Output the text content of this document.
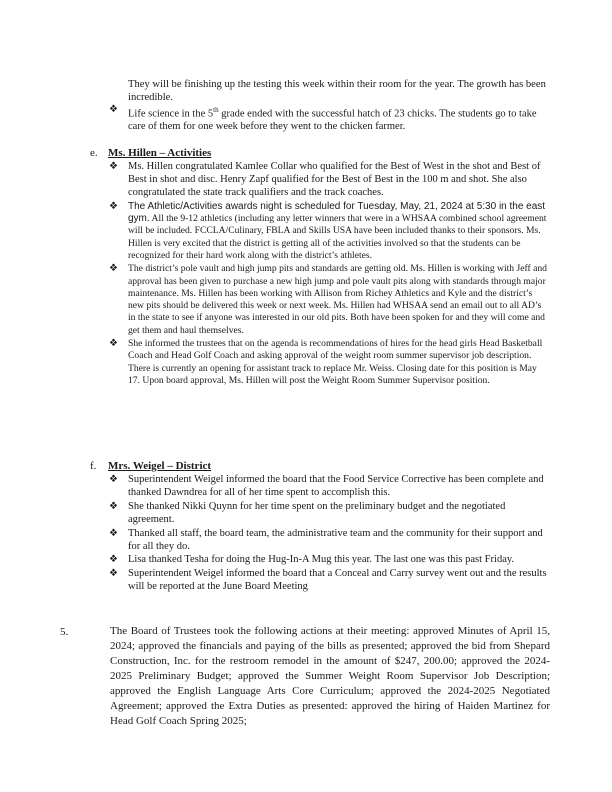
They will be finishing up the testing this week within their room for the year. The growth has been incredible.
❖ Life science in the 5th grade ended with the successful hatch of 23 chicks. The students go to take care of them for one week before they went to the chicken farmer.
e. Ms. Hillen – Activities
❖ Ms. Hillen congratulated Kamlee Collar who qualified for the Best of West in the shot and Best of Best in shot and disc. Henry Zapf qualified for the Best of Best in the 100 m and shot. She also congratulated the state track qualifiers and the track coaches.
❖ The Athletic/Activities awards night is scheduled for Tuesday, May, 21, 2024 at 5:30 in the east gym. All the 9-12 athletics (including any letter winners that were in a WHSAA combined school agreement will be included. FCCLA/Culinary, FBLA and Skills USA have been included thanks to their sponsors. Ms. Hillen is very excited that the district is getting all of the activities involved so that the students can be recognized for their hard work along with the district’s athletes.
❖ The district’s pole vault and high jump pits and standards are getting old. Ms. Hillen is working with Jeff and approval has been given to purchase a new high jump and pole vault pits along with standards through major maintenance. Ms. Hillen has been working with Allison from Richey Athletics and Kyle and the district’s new pits should be delivered this week or next week. Ms. Hillen had WHSAA send an email out to all AD’s in the state to see if anyone was interested in our old pits. Both have been spoken for and they will come and get them and haul themselves.
❖ She informed the trustees that on the agenda is recommendations of hires for the head girls Head Basketball Coach and Head Golf Coach and asking approval of the weight room summer supervisor job description. There is currently an opening for assistant track to replace Mr. Weiss. Closing date for this position is May 17. Upon board approval, Ms. Hillen will post the Weight Room Summer Supervisor position.
f. Mrs. Weigel – District
❖ Superintendent Weigel informed the board that the Food Service Corrective has been complete and thanked Dawndrea for all of her time spent to accomplish this.
❖ She thanked Nikki Quynn for her time spent on the preliminary budget and the negotiated agreement.
❖ Thanked all staff, the board team, the administrative team and the community for their support and for all they do.
❖ Lisa thanked Tesha for doing the Hug-In-A Mug this year. The last one was this past Friday.
❖ Superintendent Weigel informed the board that a Conceal and Carry survey went out and the results will be reported at the June Board Meeting
5.	The Board of Trustees took the following actions at their meeting: approved Minutes of April 15, 2024; approved the financials and paying of the bills as presented; approved the bid from Shepard Construction, Inc. for the restroom remodel in the amount of $247, 200.00; approved the 2024-2025 Preliminary Budget; approved the Summer Weight Room Supervisor Job Description; approved the English Language Arts Core Curriculum; approved the 2024-2025 Negotiated Agreement; approved the Extra Duties as presented: approved the hiring of Haiden Martinez for Head Golf Coach Spring 2025;
